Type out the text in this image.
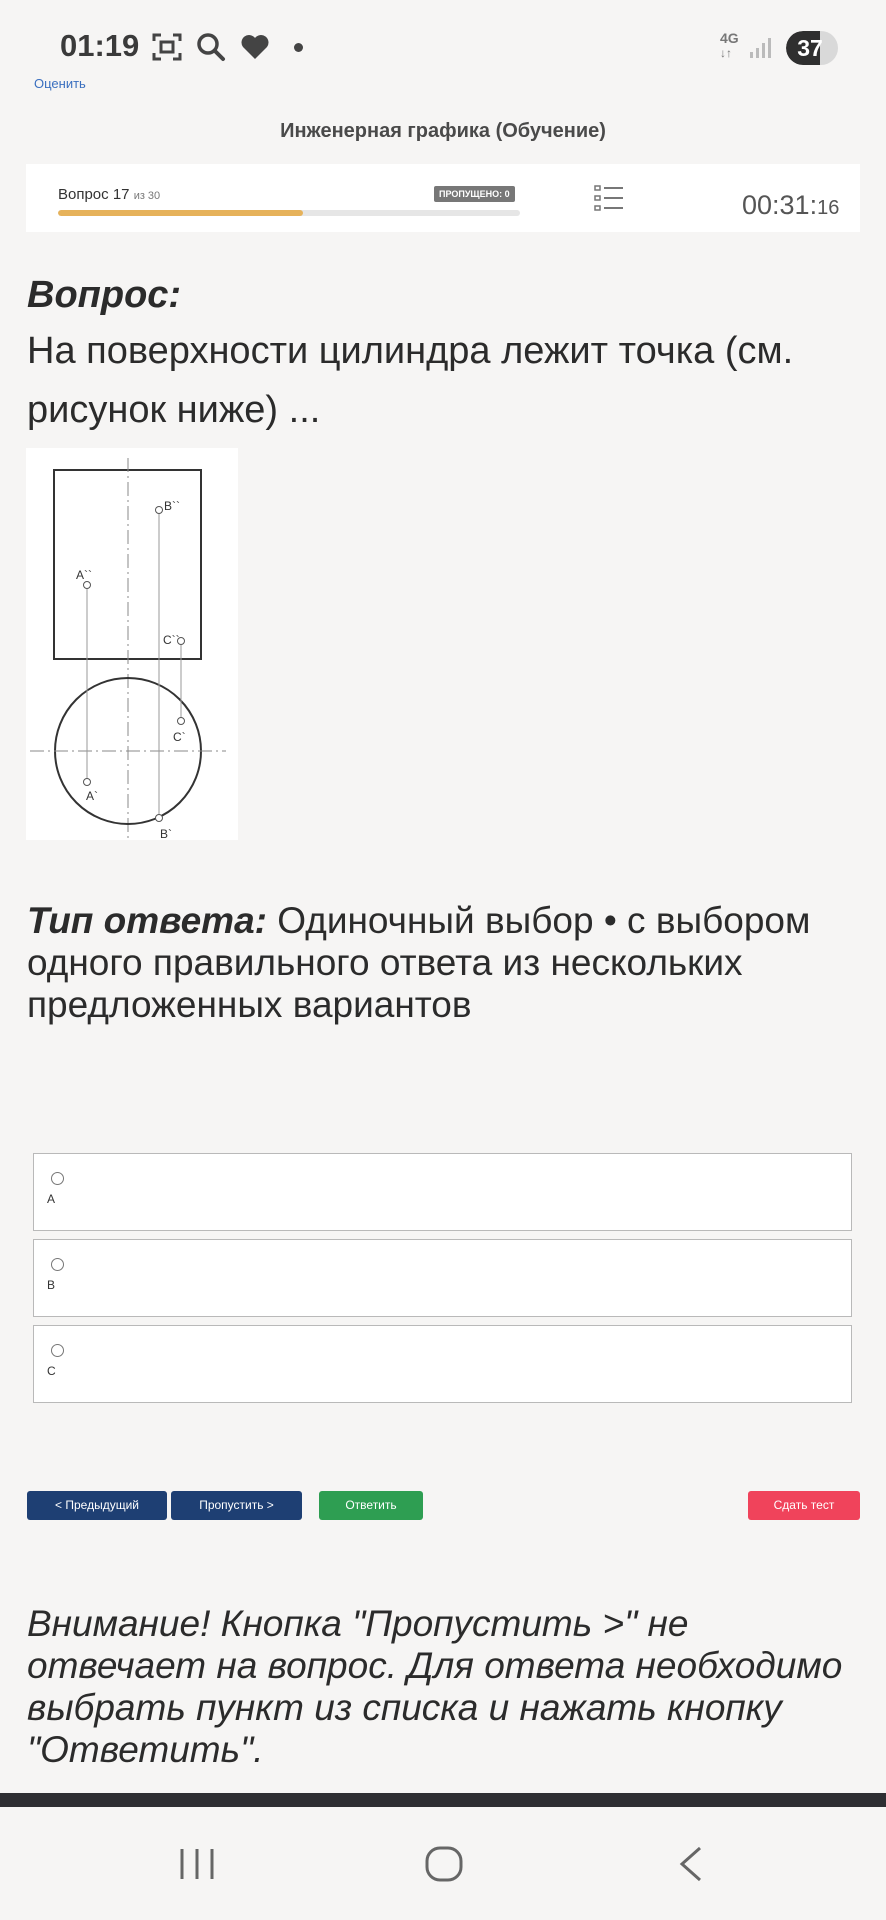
01:19	4G
↓↑	37
Оценить
Инженерная графика (Обучение)
Вопрос 17 из 30	ПРОПУЩЕНО: 0	00:31:16
Вопрос:
На поверхности цилиндра лежит точка (см. рисунок ниже) ...
A``
B``
C``
A`
B`
C`
Тип ответа: Одиночный выбор • с выбором одного правильного ответа из нескольких предложенных вариантов
A
B
C
< Предыдущий	Пропустить >	Ответить	Сдать тест
Внимание! Кнопка "Пропустить >" не отвечает на вопрос. Для ответа необходимо выбрать пункт из списка и нажать кнопку "Ответить".
